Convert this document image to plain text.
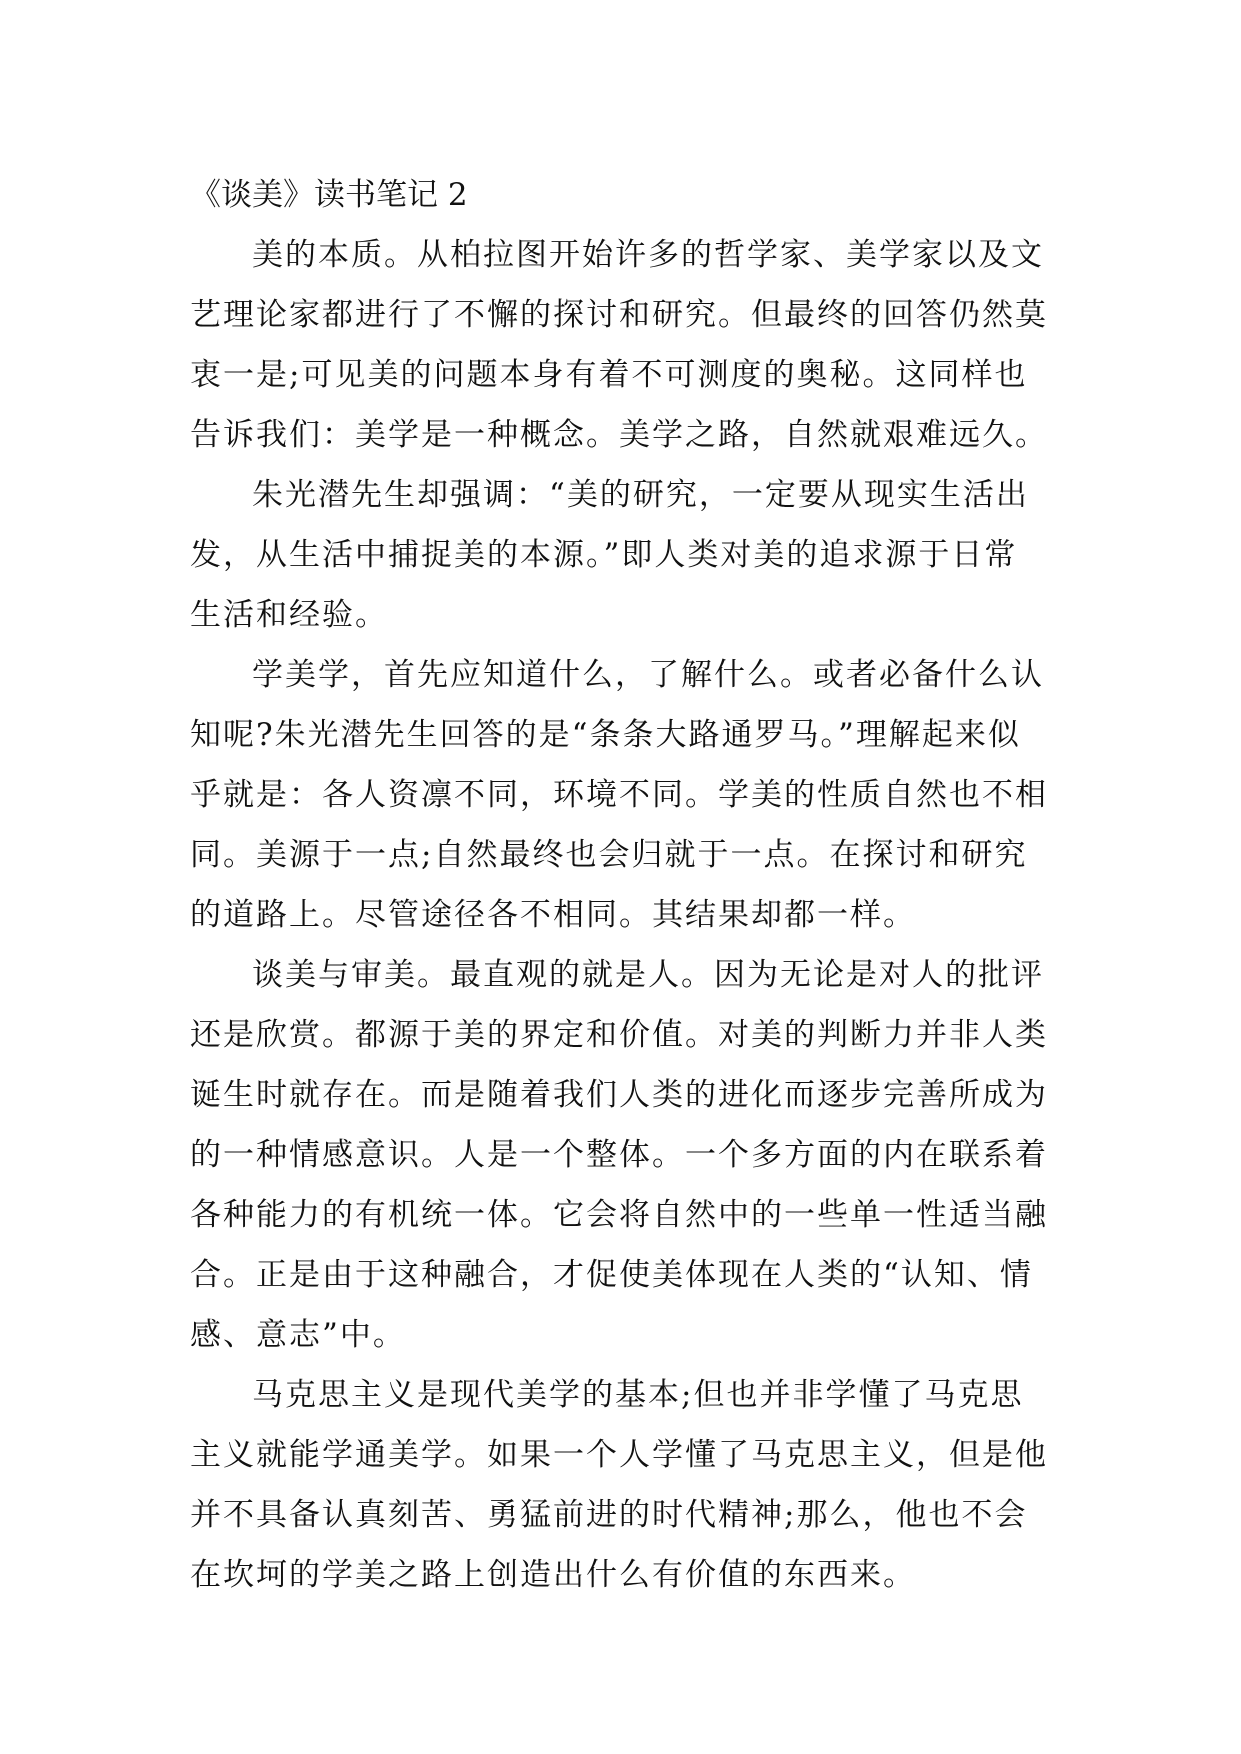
《谈美》读书笔记 2

美的本质。从柏拉图开始许多的哲学家、美学家以及文艺理论家都进行了不懈的探讨和研究。但最终的回答仍然莫衷一是;可见美的问题本身有着不可测度的奥秘。这同样也告诉我们：美学是一种概念。美学之路，自然就艰难远久。

朱光潜先生却强调：“美的研究，一定要从现实生活出发，从生活中捕捉美的本源。”即人类对美的追求源于日常生活和经验。

学美学，首先应知道什么，了解什么。或者必备什么认知呢?朱光潜先生回答的是“条条大路通罗马。”理解起来似乎就是：各人资凛不同，环境不同。学美的性质自然也不相同。美源于一点;自然最终也会归就于一点。在探讨和研究的道路上。尽管途径各不相同。其结果却都一样。

谈美与审美。最直观的就是人。因为无论是对人的批评还是欣赏。都源于美的界定和价值。对美的判断力并非人类诞生时就存在。而是随着我们人类的进化而逐步完善所成为的一种情感意识。人是一个整体。一个多方面的内在联系着各种能力的有机统一体。它会将自然中的一些单一性适当融合。正是由于这种融合，才促使美体现在人类的“认知、情感、意志”中。

马克思主义是现代美学的基本;但也并非学懂了马克思主义就能学通美学。如果一个人学懂了马克思主义，但是他并不具备认真刻苦、勇猛前进的时代精神;那么，他也不会在坎坷的学美之路上创造出什么有价值的东西来。
